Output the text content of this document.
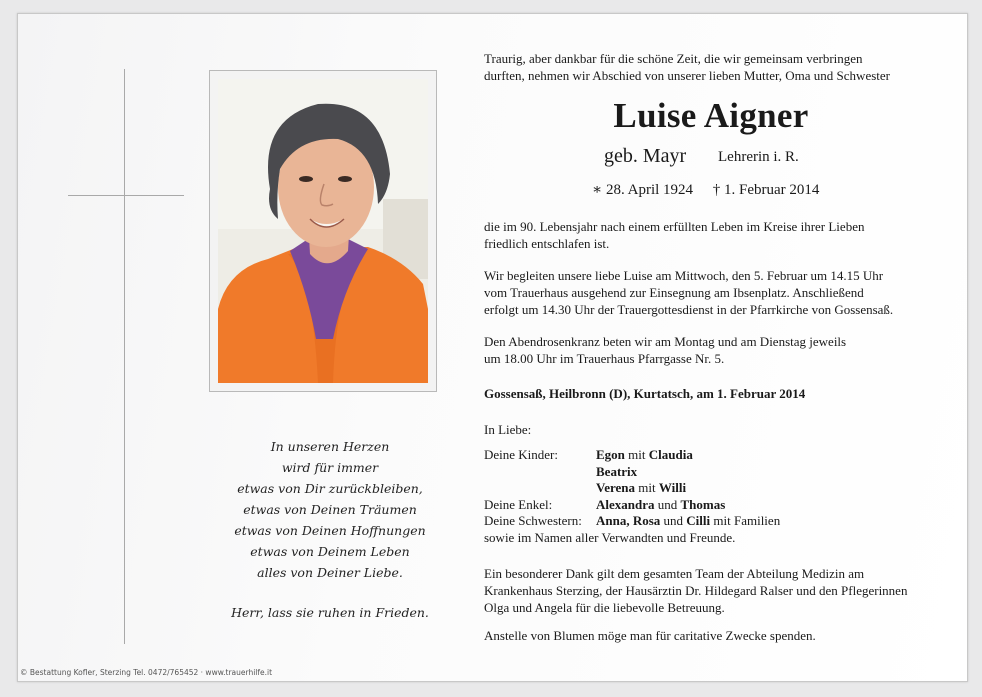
In unseren Herzen
wird für immer
etwas von Dir zurückbleiben,
etwas von Deinen Träumen
etwas von Deinen Hoffnungen
etwas von Deinem Leben
alles von Deiner Liebe.
Herr, lass sie ruhen in Frieden.
Traurig, aber dankbar für die schöne Zeit, die wir gemeinsam verbringen
durften, nehmen wir Abschied von unserer lieben Mutter, Oma und Schwester
Luise Aigner
geb. Mayr Lehrerin i. R.
∗ 28. April 1924 † 1. Februar 2014
die im 90. Lebensjahr nach einem erfüllten Leben im Kreise ihrer Lieben
friedlich entschlafen ist.
Wir begleiten unsere liebe Luise am Mittwoch, den 5. Februar um 14.15 Uhr
vom Trauerhaus ausgehend zur Einsegnung am Ibsenplatz. Anschließend
erfolgt um 14.30 Uhr der Trauergottesdienst in der Pfarrkirche von Gossensaß.
Den Abendrosenkranz beten wir am Montag und am Dienstag jeweils
um 18.00 Uhr im Trauerhaus Pfarrgasse Nr. 5.
Gossensaß, Heilbronn (D), Kurtatsch, am 1. Februar 2014
In Liebe:
Deine Kinder:	Egon mit Claudia
Beatrix
Verena mit Willi
Deine Enkel:	Alexandra und Thomas
Deine Schwestern: Anna, Rosa und Cilli mit Familien
sowie im Namen aller Verwandten und Freunde.
Ein besonderer Dank gilt dem gesamten Team der Abteilung Medizin am
Krankenhaus Sterzing, der Hausärztin Dr. Hildegard Ralser und den Pflegerinnen
Olga und Angela für die liebevolle Betreuung.
Anstelle von Blumen möge man für caritative Zwecke spenden.
© Bestattung Kofler, Sterzing Tel. 0472/765452 · www.trauerhilfe.it
